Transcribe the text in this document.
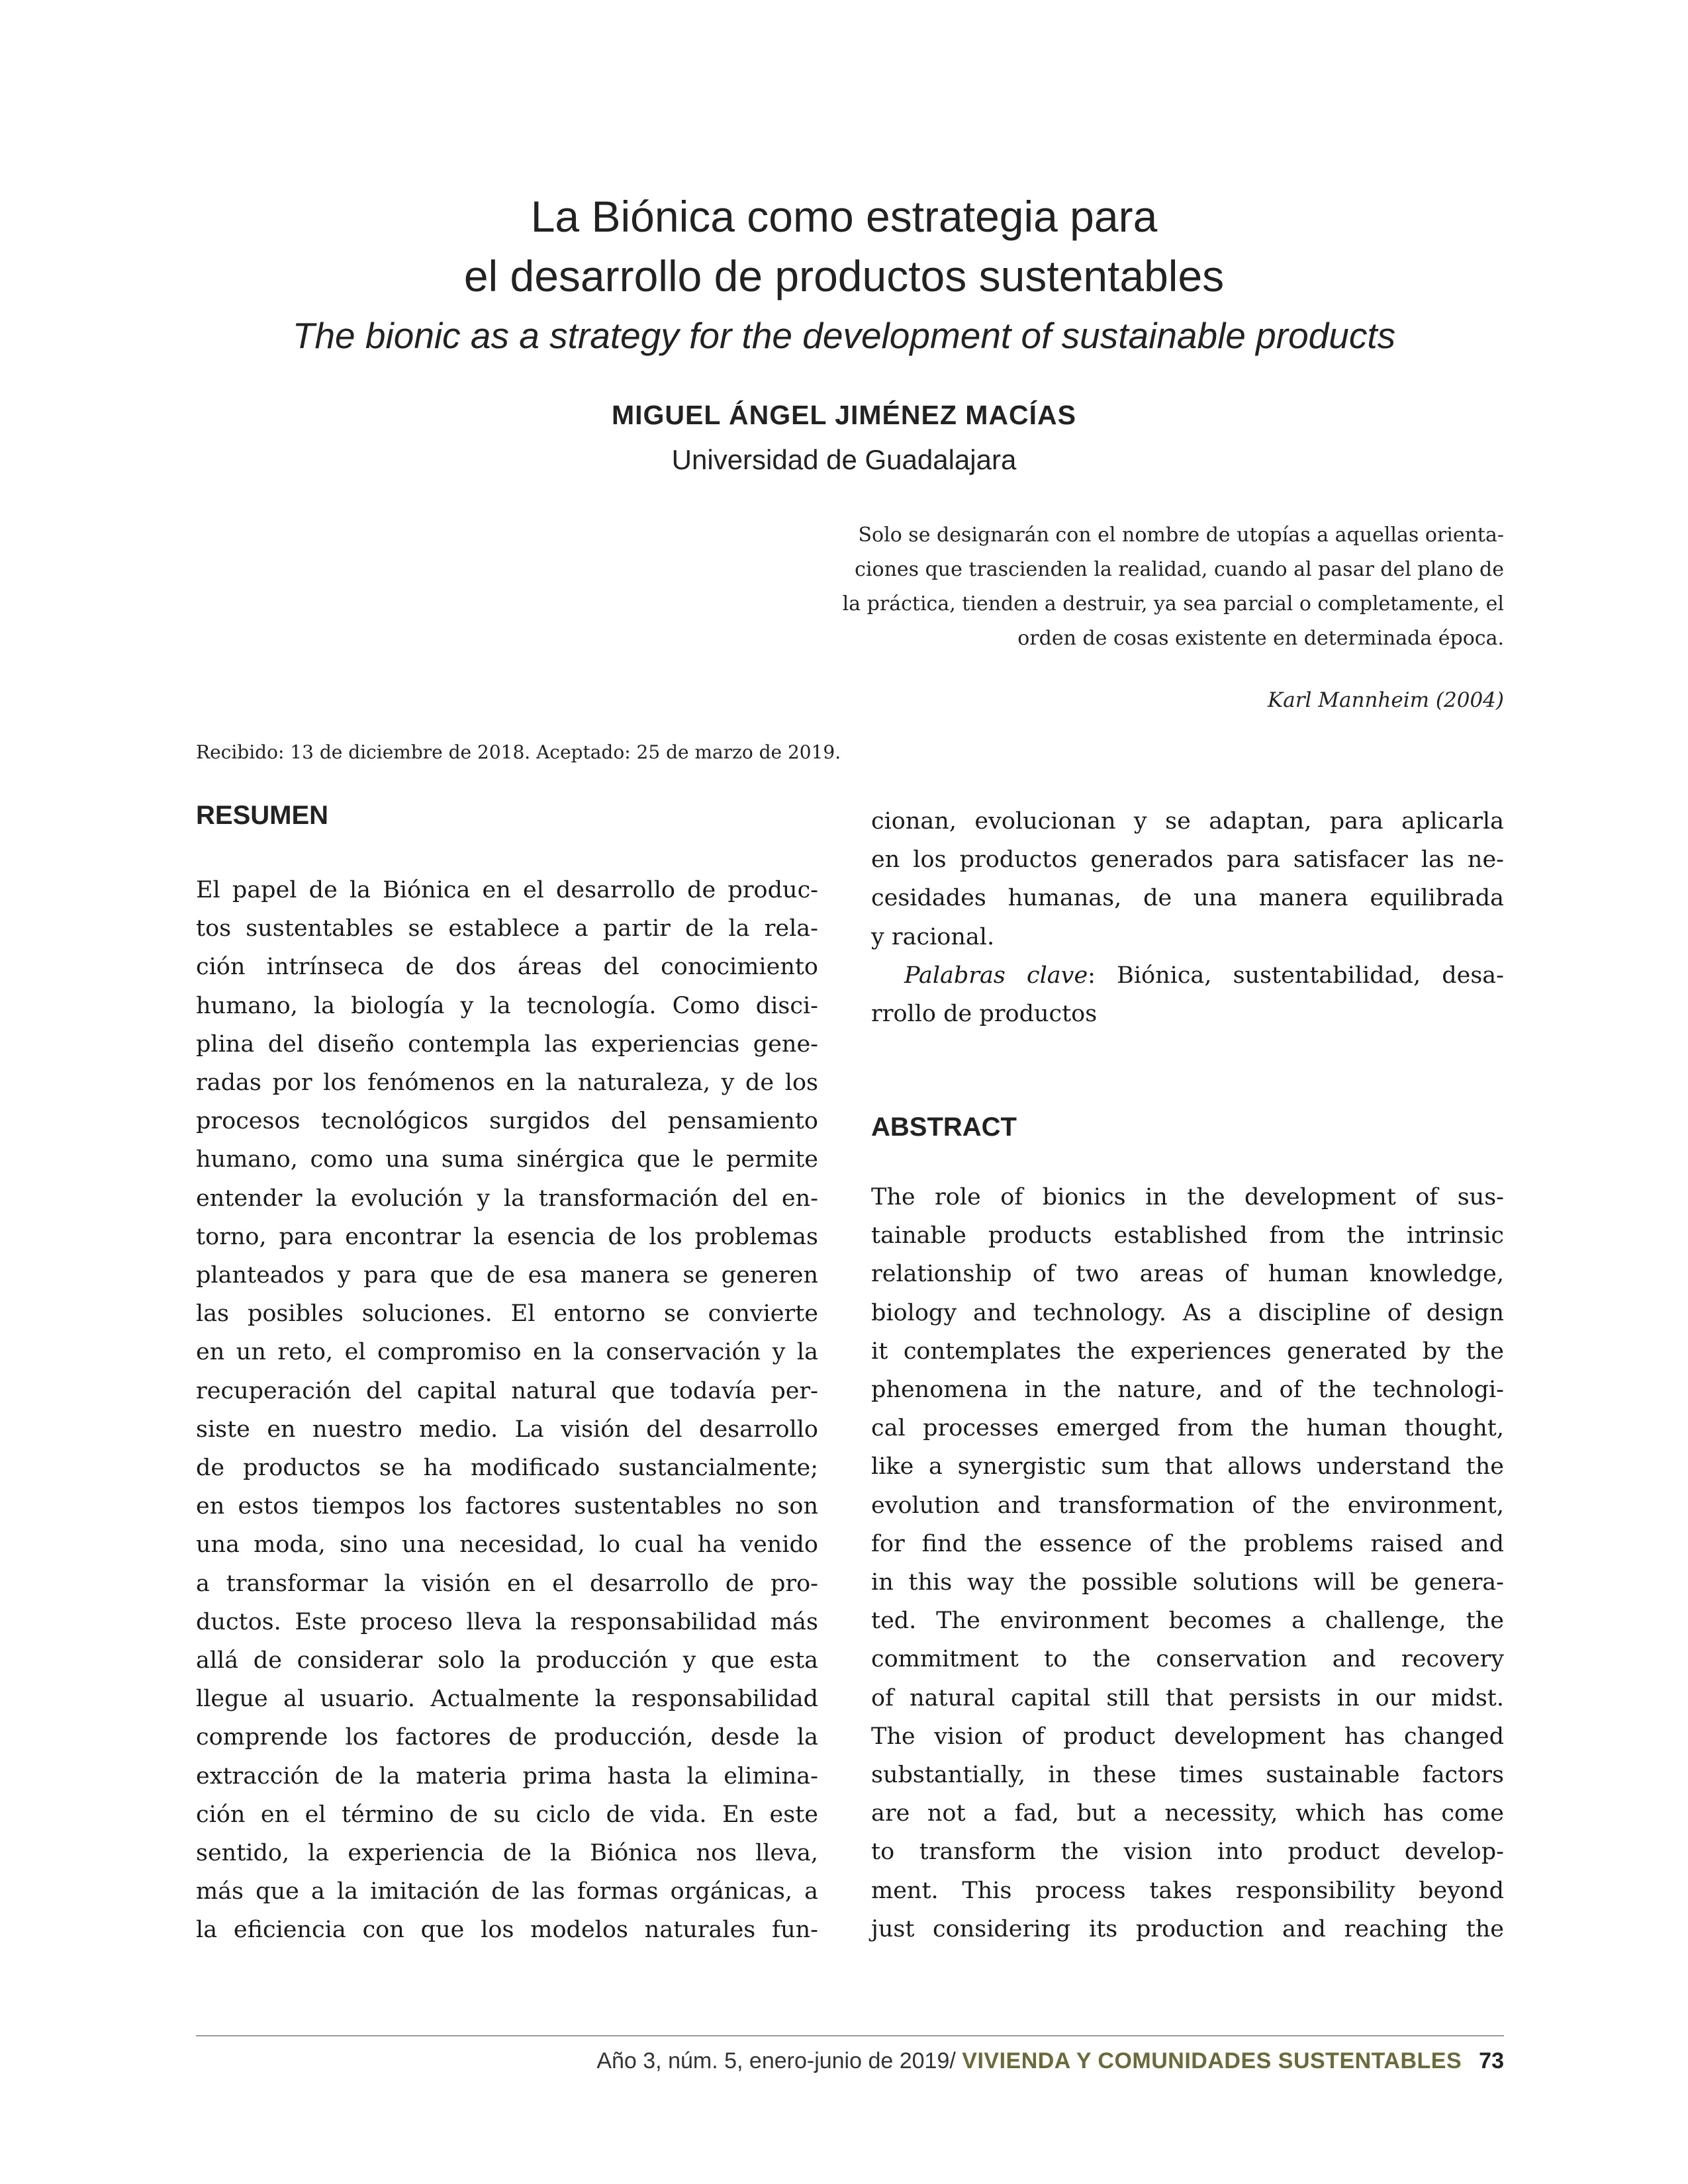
La Biónica como estrategia para
el desarrollo de productos sustentables
The bionic as a strategy for the development of sustainable products
MIGUEL ÁNGEL JIMÉNEZ MACÍAS
Universidad de Guadalajara
Solo se designarán con el nombre de utopías a aquellas orienta-
ciones que trascienden la realidad, cuando al pasar del plano de
la práctica, tienden a destruir, ya sea parcial o completamente, el
orden de cosas existente en determinada época.
Karl Mannheim (2004)
Recibido: 13 de diciembre de 2018. Aceptado: 25 de marzo de 2019.
RESUMEN
El papel de la Biónica en el desarrollo de produc-
tos sustentables se establece a partir de la rela-
ción intrínseca de dos áreas del conocimiento
humano, la biología y la tecnología. Como disci-
plina del diseño contempla las experiencias gene-
radas por los fenómenos en la naturaleza, y de los
procesos tecnológicos surgidos del pensamiento
humano, como una suma sinérgica que le permite
entender la evolución y la transformación del en-
torno, para encontrar la esencia de los problemas
planteados y para que de esa manera se generen
las posibles soluciones. El entorno se convierte
en un reto, el compromiso en la conservación y la
recuperación del capital natural que todavía per-
siste en nuestro medio. La visión del desarrollo
de productos se ha modificado sustancialmente;
en estos tiempos los factores sustentables no son
una moda, sino una necesidad, lo cual ha venido
a transformar la visión en el desarrollo de pro-
ductos. Este proceso lleva la responsabilidad más
allá de considerar solo la producción y que esta
llegue al usuario. Actualmente la responsabilidad
comprende los factores de producción, desde la
extracción de la materia prima hasta la elimina-
ción en el término de su ciclo de vida. En este
sentido, la experiencia de la Biónica nos lleva,
más que a la imitación de las formas orgánicas, a
la eficiencia con que los modelos naturales fun-
cionan, evolucionan y se adaptan, para aplicarla
en los productos generados para satisfacer las ne-
cesidades humanas, de una manera equilibrada
y racional.
Palabras clave: Biónica, sustentabilidad, desa-
rrollo de productos
ABSTRACT
The role of bionics in the development of sus-
tainable products established from the intrinsic
relationship of two areas of human knowledge,
biology and technology. As a discipline of design
it contemplates the experiences generated by the
phenomena in the nature, and of the technologi-
cal processes emerged from the human thought,
like a synergistic sum that allows understand the
evolution and transformation of the environment,
for find the essence of the problems raised and
in this way the possible solutions will be genera-
ted. The environment becomes a challenge, the
commitment to the conservation and recovery
of natural capital still that persists in our midst.
The vision of product development has changed
substantially, in these times sustainable factors
are not a fad, but a necessity, which has come
to transform the vision into product develop-
ment. This process takes responsibility beyond
just considering its production and reaching the
Año 3, núm. 5, enero-junio de 2019/ VIVIENDA Y COMUNIDADES SUSTENTABLES 73
